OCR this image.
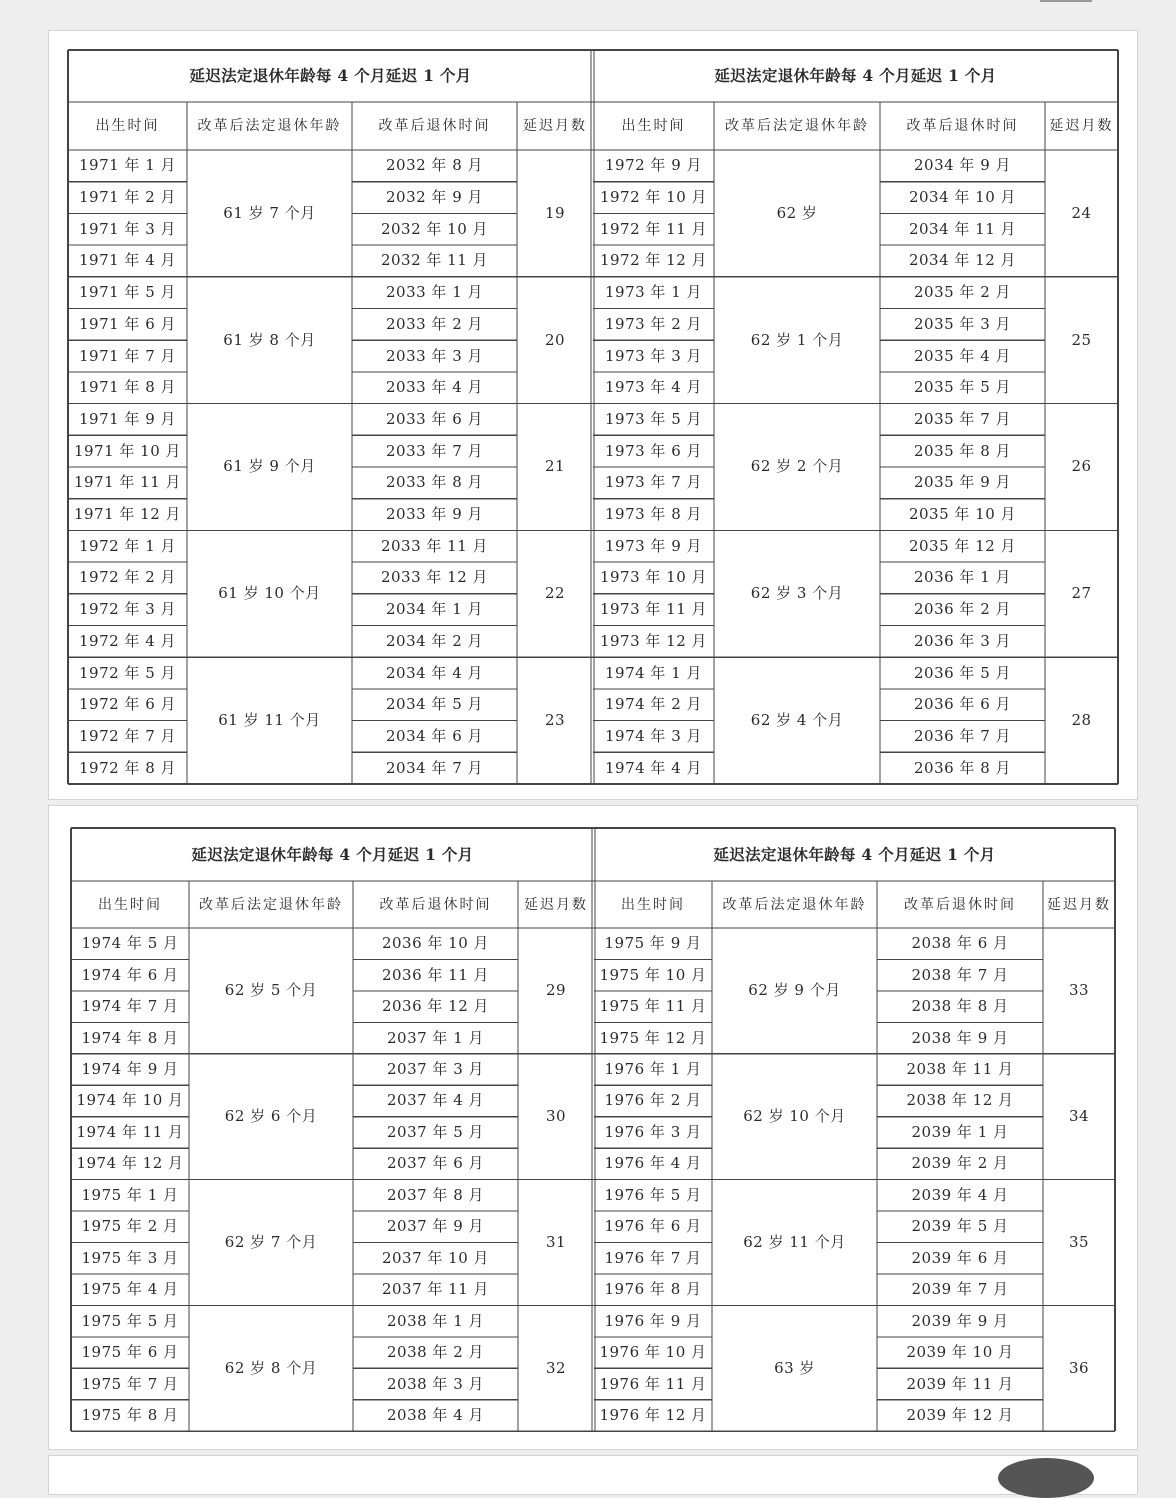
延迟法定退休年龄每 4 个月延迟 1 个月
出生时间	改革后法定退休年龄	改革后退休时间	延迟月数
61 岁 7 个月	19
1971 年 1 月	2032 年 8 月
1971 年 2 月	2032 年 9 月
1971 年 3 月	2032 年 10 月
1971 年 4 月	2032 年 11 月
61 岁 8 个月	20
1971 年 5 月	2033 年 1 月
1971 年 6 月	2033 年 2 月
1971 年 7 月	2033 年 3 月
1971 年 8 月	2033 年 4 月
61 岁 9 个月	21
1971 年 9 月	2033 年 6 月
1971 年 10 月	2033 年 7 月
1971 年 11 月	2033 年 8 月
1971 年 12 月	2033 年 9 月
61 岁 10 个月	22
1972 年 1 月	2033 年 11 月
1972 年 2 月	2033 年 12 月
1972 年 3 月	2034 年 1 月
1972 年 4 月	2034 年 2 月
61 岁 11 个月	23
1972 年 5 月	2034 年 4 月
1972 年 6 月	2034 年 5 月
1972 年 7 月	2034 年 6 月
1972 年 8 月	2034 年 7 月
延迟法定退休年龄每 4 个月延迟 1 个月
出生时间	改革后法定退休年龄	改革后退休时间	延迟月数
62 岁	24
1972 年 9 月	2034 年 9 月
1972 年 10 月	2034 年 10 月
1972 年 11 月	2034 年 11 月
1972 年 12 月	2034 年 12 月
62 岁 1 个月	25
1973 年 1 月	2035 年 2 月
1973 年 2 月	2035 年 3 月
1973 年 3 月	2035 年 4 月
1973 年 4 月	2035 年 5 月
62 岁 2 个月	26
1973 年 5 月	2035 年 7 月
1973 年 6 月	2035 年 8 月
1973 年 7 月	2035 年 9 月
1973 年 8 月	2035 年 10 月
62 岁 3 个月	27
1973 年 9 月	2035 年 12 月
1973 年 10 月	2036 年 1 月
1973 年 11 月	2036 年 2 月
1973 年 12 月	2036 年 3 月
62 岁 4 个月	28
1974 年 1 月	2036 年 5 月
1974 年 2 月	2036 年 6 月
1974 年 3 月	2036 年 7 月
1974 年 4 月	2036 年 8 月
延迟法定退休年龄每 4 个月延迟 1 个月
出生时间	改革后法定退休年龄	改革后退休时间	延迟月数
62 岁 5 个月	29
1974 年 5 月	2036 年 10 月
1974 年 6 月	2036 年 11 月
1974 年 7 月	2036 年 12 月
1974 年 8 月	2037 年 1 月
62 岁 6 个月	30
1974 年 9 月	2037 年 3 月
1974 年 10 月	2037 年 4 月
1974 年 11 月	2037 年 5 月
1974 年 12 月	2037 年 6 月
62 岁 7 个月	31
1975 年 1 月	2037 年 8 月
1975 年 2 月	2037 年 9 月
1975 年 3 月	2037 年 10 月
1975 年 4 月	2037 年 11 月
62 岁 8 个月	32
1975 年 5 月	2038 年 1 月
1975 年 6 月	2038 年 2 月
1975 年 7 月	2038 年 3 月
1975 年 8 月	2038 年 4 月
延迟法定退休年龄每 4 个月延迟 1 个月
出生时间	改革后法定退休年龄	改革后退休时间	延迟月数
62 岁 9 个月	33
1975 年 9 月	2038 年 6 月
1975 年 10 月	2038 年 7 月
1975 年 11 月	2038 年 8 月
1975 年 12 月	2038 年 9 月
62 岁 10 个月	34
1976 年 1 月	2038 年 11 月
1976 年 2 月	2038 年 12 月
1976 年 3 月	2039 年 1 月
1976 年 4 月	2039 年 2 月
62 岁 11 个月	35
1976 年 5 月	2039 年 4 月
1976 年 6 月	2039 年 5 月
1976 年 7 月	2039 年 6 月
1976 年 8 月	2039 年 7 月
63 岁	36
1976 年 9 月	2039 年 9 月
1976 年 10 月	2039 年 10 月
1976 年 11 月	2039 年 11 月
1976 年 12 月	2039 年 12 月
